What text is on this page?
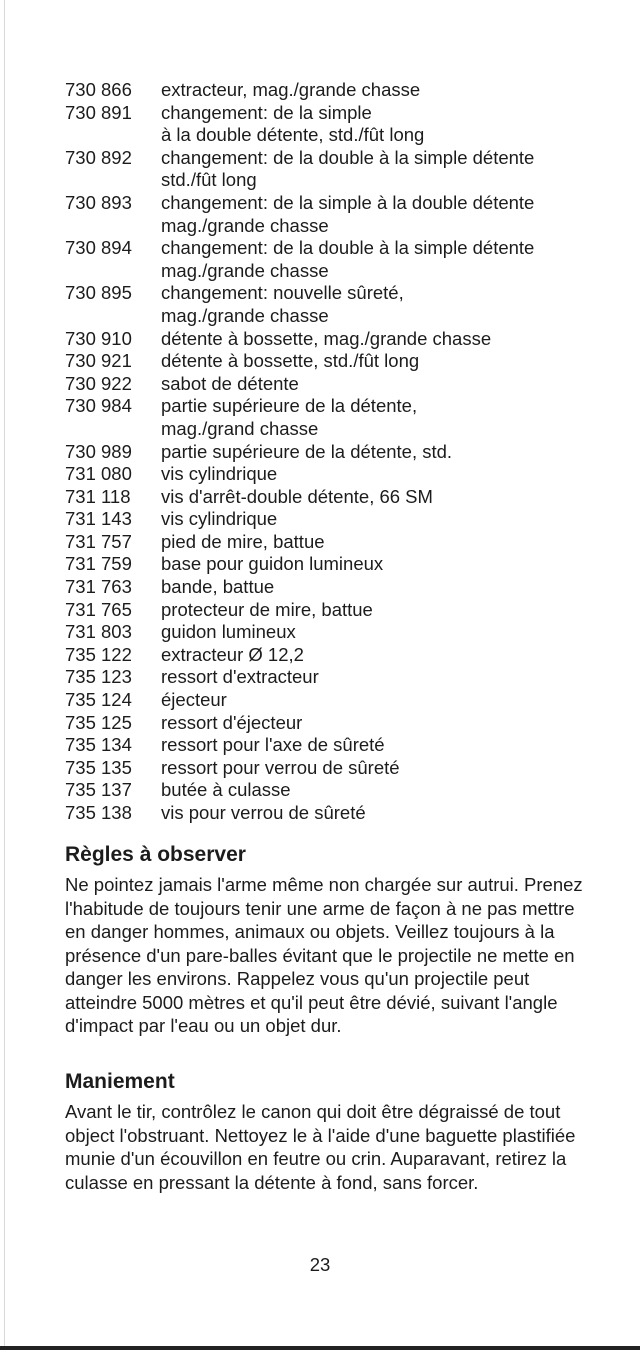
730 866	extracteur, mag./grande chasse
730 891	changement: de la simple
à la double détente, std./fût long
730 892	changement: de la double à la simple détente
std./fût long
730 893	changement: de la simple à la double détente
mag./grande chasse
730 894	changement: de la double à la simple détente
mag./grande chasse
730 895	changement: nouvelle sûreté,
mag./grande chasse
730 910	détente à bossette, mag./grande chasse
730 921	détente à bossette, std./fût long
730 922	sabot de détente
730 984	partie supérieure de la détente,
mag./grand chasse
730 989	partie supérieure de la détente, std.
731 080	vis cylindrique
731 118	vis d'arrêt-double détente, 66 SM
731 143	vis cylindrique
731 757	pied de mire, battue
731 759	base pour guidon lumineux
731 763	bande, battue
731 765	protecteur de mire, battue
731 803	guidon lumineux
735 122	extracteur Ø 12,2
735 123	ressort d'extracteur
735 124	éjecteur
735 125	ressort d'éjecteur
735 134	ressort pour l'axe de sûreté
735 135	ressort pour verrou de sûreté
735 137	butée à culasse
735 138	vis pour verrou de sûreté
Règles à observer

Ne pointez jamais l'arme même non chargée sur autrui. Prenez l'habitude de toujours tenir une arme de façon à ne pas mettre en danger hommes, animaux ou objets. Veillez toujours à la présence d'un pare-balles évitant que le projectile ne mette en danger les environs. Rappelez vous qu'un projectile peut atteindre 5000 mètres et qu'il peut être dévié, suivant l'angle d'impact par l'eau ou un objet dur.

Maniement

Avant le tir, contrôlez le canon qui doit être dégraissé de tout object l'obstruant. Nettoyez le à l'aide d'une baguette plastifiée munie d'un écouvillon en feutre ou crin. Auparavant, retirez la culasse en pressant la détente à fond, sans forcer.

23
